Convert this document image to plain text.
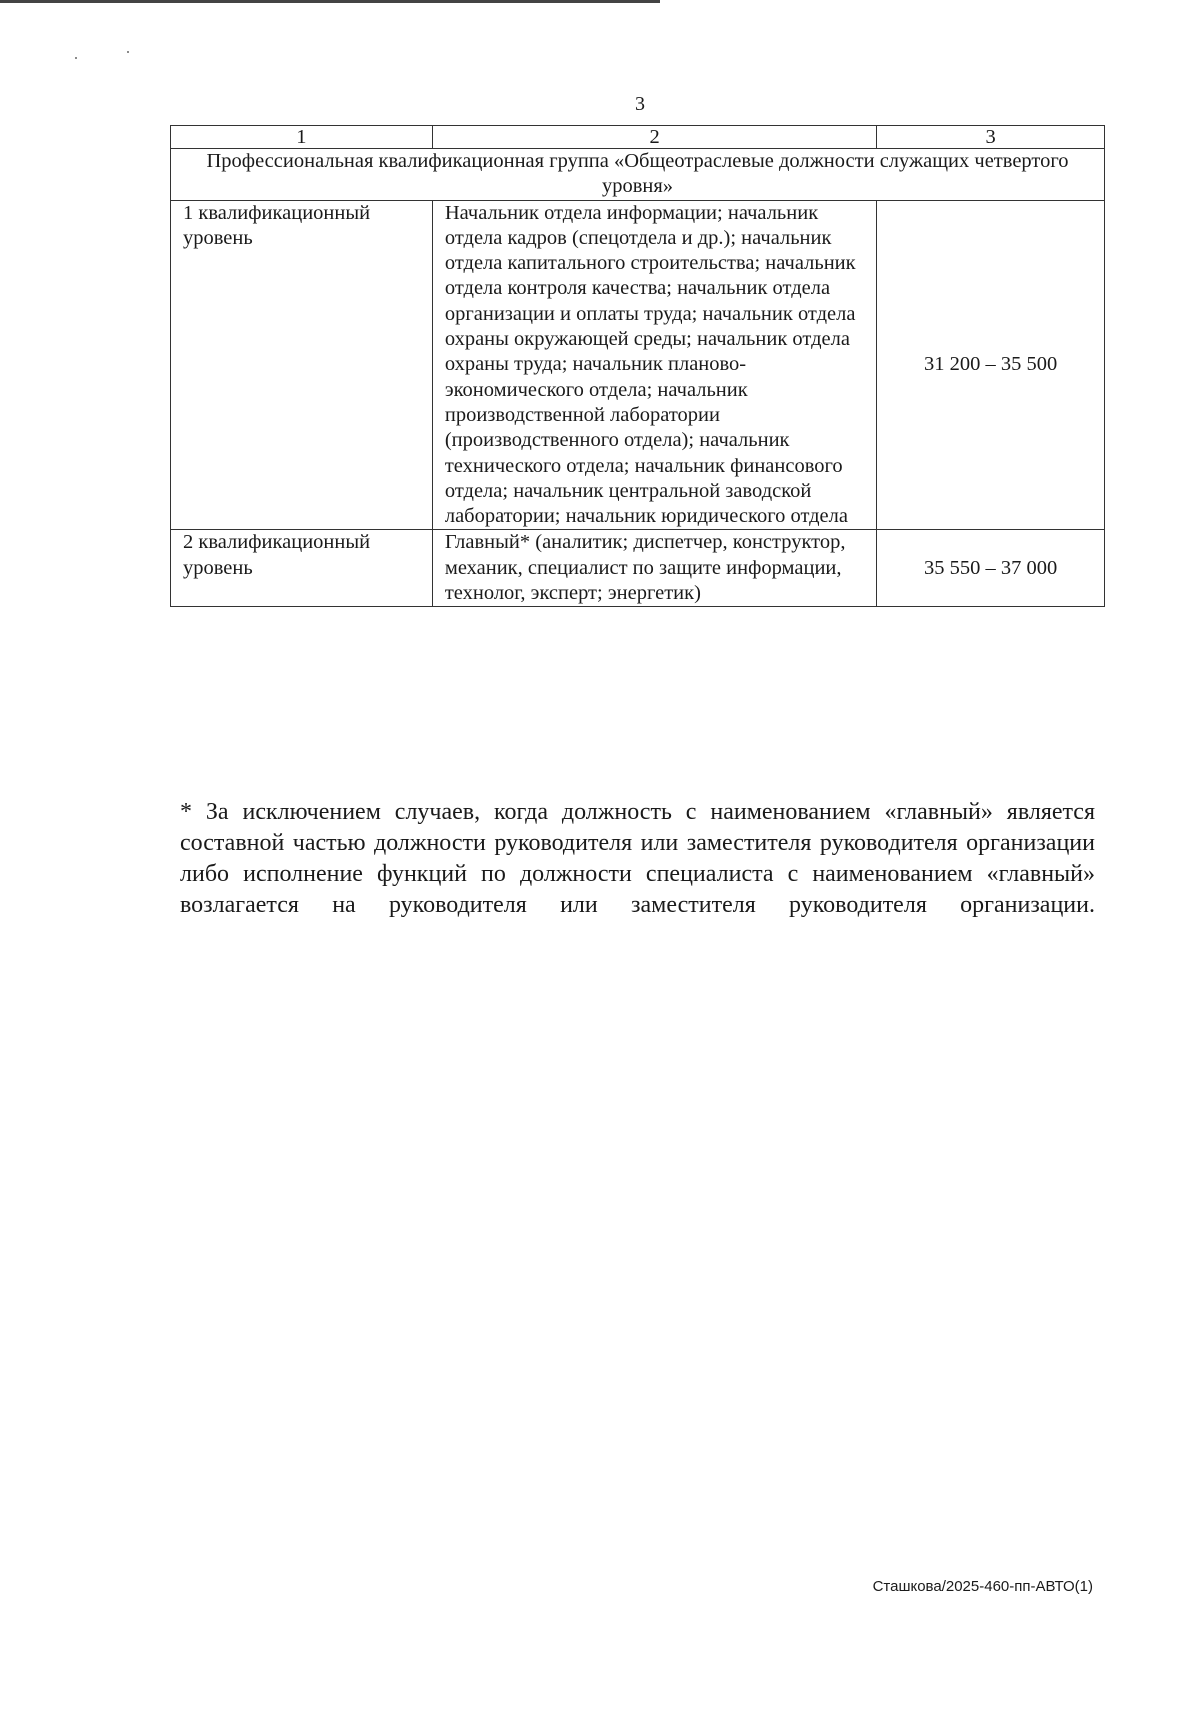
3
1	2	3
Профессиональная квалификационная группа «Общеотраслевые должности служащих четвертого уровня»		
1 квалификационный уровень	Начальник отдела информации; начальник отдела кадров (спецотдела и др.); начальник отдела капитального строительства; начальник отдела контроля качества; начальник отдела организации и оплаты труда; начальник отдела охраны окружающей среды; начальник отдела охраны труда; начальник планово-экономического отдела; начальник производственной лаборатории (производственного отдела); начальник технического отдела; начальник финансового отдела; начальник центральной заводской лаборатории; начальник юридического отдела	31 200 – 35 500
2 квалификационный уровень	Главный* (аналитик; диспетчер, конструктор, механик, специалист по защите информации, технолог, эксперт; энергетик)	35 550 – 37 000

* За исключением случаев, когда должность с наименованием «главный» является составной частью должности руководителя или заместителя руководителя организации либо исполнение функций по должности специалиста с наименованием «главный» возлагается на руководителя или заместителя руководителя организации.

Сташкова/2025-460-пп-АВТО(1)
